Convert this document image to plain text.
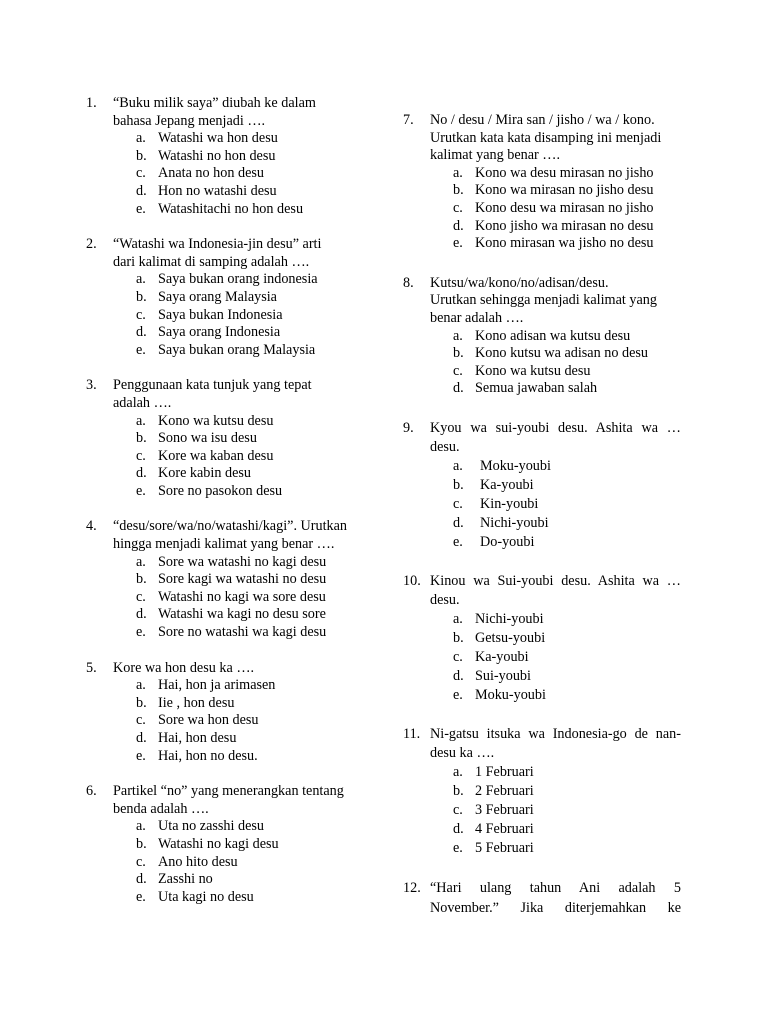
1. “Buku milik saya” diubah ke dalam
bahasa Jepang menjadi ….
a. Watashi wa hon desu
b. Watashi no hon desu
c. Anata no hon desu
d. Hon no watashi desu
e. Watashitachi no hon desu
2. “Watashi wa Indonesia-jin desu” arti
dari kalimat di samping adalah ….
a. Saya bukan orang indonesia
b. Saya orang Malaysia
c. Saya bukan Indonesia
d. Saya orang Indonesia
e. Saya bukan orang Malaysia
3. Penggunaan kata tunjuk yang tepat
adalah ….
a. Kono wa kutsu desu
b. Sono wa isu desu
c. Kore wa kaban desu
d. Kore kabin desu
e. Sore no pasokon desu
4. “desu/sore/wa/no/watashi/kagi”. Urutkan
hingga menjadi kalimat yang benar ….
a. Sore wa watashi no kagi desu
b. Sore kagi wa watashi no desu
c. Watashi no kagi wa sore desu
d. Watashi wa kagi no desu sore
e. Sore no watashi wa kagi desu
5. Kore wa hon desu ka ….
a. Hai, hon ja arimasen
b. Iie , hon desu
c. Sore wa hon desu
d. Hai, hon desu
e. Hai, hon no desu.
6. Partikel “no” yang menerangkan tentang
benda adalah ….
a. Uta no zasshi desu
b. Watashi no kagi desu
c. Ano hito desu
d. Zasshi no
e. Uta kagi no desu
7. No / desu / Mira san / jisho / wa / kono.
Urutkan kata kata disamping ini menjadi
kalimat yang benar ….
a. Kono wa desu mirasan no jisho
b. Kono wa mirasan no jisho desu
c. Kono desu wa mirasan no jisho
d. Kono jisho wa mirasan no desu
e. Kono mirasan wa jisho no desu
8. Kutsu/wa/kono/no/adisan/desu.
Urutkan sehingga menjadi kalimat yang
benar adalah ….
a. Kono adisan wa kutsu desu
b. Kono kutsu wa adisan no desu
c. Kono wa kutsu desu
d. Semua jawaban salah
9. Kyou wa sui-youbi desu. Ashita wa …
desu.
a. Moku-youbi
b. Ka-youbi
c. Kin-youbi
d. Nichi-youbi
e. Do-youbi
10. Kinou wa Sui-youbi desu. Ashita wa …
desu.
a. Nichi-youbi
b. Getsu-youbi
c. Ka-youbi
d. Sui-youbi
e. Moku-youbi
11. Ni-gatsu itsuka wa Indonesia-go de nan-
desu ka ….
a. 1 Februari
b. 2 Februari
c. 3 Februari
d. 4 Februari
e. 5 Februari
12. “Hari ulang tahun Ani adalah 5
November.” Jika diterjemahkan ke
